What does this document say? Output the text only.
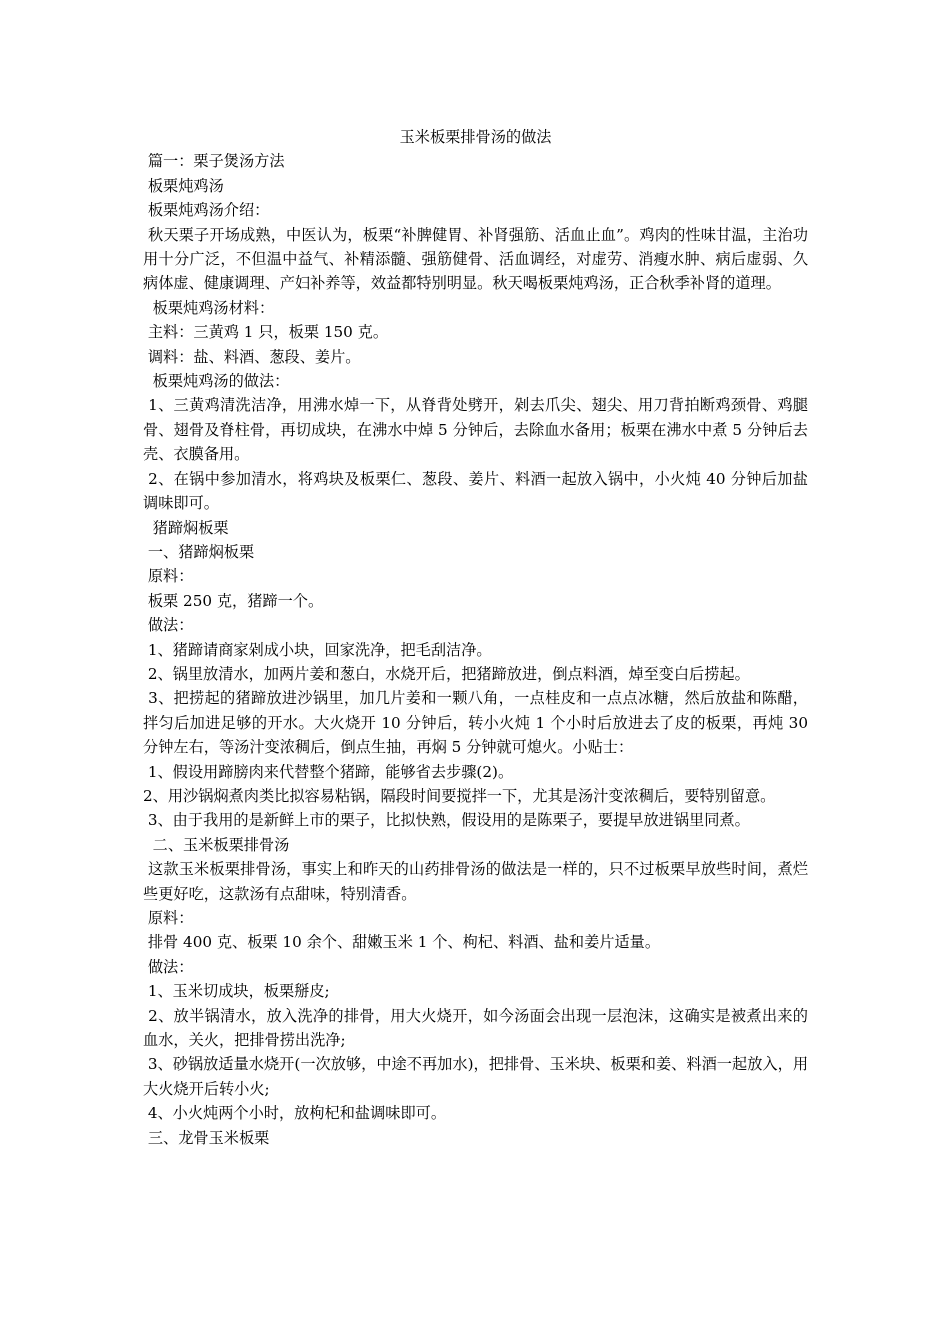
玉米板栗排骨汤的做法

篇一：栗子煲汤方法

板栗炖鸡汤

板栗炖鸡汤介绍：

秋天栗子开场成熟，中医认为，板栗“补脾健胃、补肾强筋、活血止血”。鸡肉的性味甘温，主治功用十分广泛，不但温中益气、补精添髓、强筋健骨、活血调经，对虚劳、消瘦水肿、病后虚弱、久病体虚、健康调理、产妇补养等，效益都特别明显。秋天喝板栗炖鸡汤，正合秋季补肾的道理。

板栗炖鸡汤材料：

主料：三黄鸡 1 只，板栗 150 克。

调料：盐、料酒、葱段、姜片。

板栗炖鸡汤的做法：

1、三黄鸡清洗洁净，用沸水焯一下，从脊背处劈开，剁去爪尖、翅尖、用刀背拍断鸡颈骨、鸡腿骨、翅骨及脊柱骨，再切成块，在沸水中焯 5 分钟后，去除血水备用；板栗在沸水中煮 5 分钟后去壳、衣膜备用。

2、在锅中参加清水，将鸡块及板栗仁、葱段、姜片、料酒一起放入锅中，小火炖 40 分钟后加盐调味即可。

猪蹄焖板栗

一、猪蹄焖板栗

原料：

板栗 250 克，猪蹄一个。

做法：

1、猪蹄请商家剁成小块，回家洗净，把毛刮洁净。

2、锅里放清水，加两片姜和葱白，水烧开后，把猪蹄放进，倒点料酒，焯至变白后捞起。

3、把捞起的猪蹄放进沙锅里，加几片姜和一颗八角，一点桂皮和一点点冰糖，然后放盐和陈醋，拌匀后加进足够的开水。大火烧开 10 分钟后，转小火炖 1 个小时后放进去了皮的板栗，再炖 30 分钟左右，等汤汁变浓稠后，倒点生抽，再焖 5 分钟就可熄火。小贴士：

1、假设用蹄膀肉来代替整个猪蹄，能够省去步骤(2)。

2、用沙锅焖煮肉类比拟容易粘锅，隔段时间要搅拌一下，尤其是汤汁变浓稠后，要特别留意。

3、由于我用的是新鲜上市的栗子，比拟快熟，假设用的是陈栗子，要提早放进锅里同煮。

二、玉米板栗排骨汤

这款玉米板栗排骨汤，事实上和昨天的山药排骨汤的做法是一样的，只不过板栗早放些时间，煮烂些更好吃，这款汤有点甜味，特别清香。

原料：

排骨 400 克、板栗 10 余个、甜嫩玉米 1 个、枸杞、料酒、盐和姜片适量。

做法：

1、玉米切成块，板栗掰皮;

2、放半锅清水，放入洗净的排骨，用大火烧开，如今汤面会出现一层泡沫，这确实是被煮出来的血水，关火，把排骨捞出洗净;

3、砂锅放适量水烧开(一次放够，中途不再加水)，把排骨、玉米块、板栗和姜、料酒一起放入，用大火烧开后转小火;

4、小火炖两个小时，放枸杞和盐调味即可。

三、龙骨玉米板栗
